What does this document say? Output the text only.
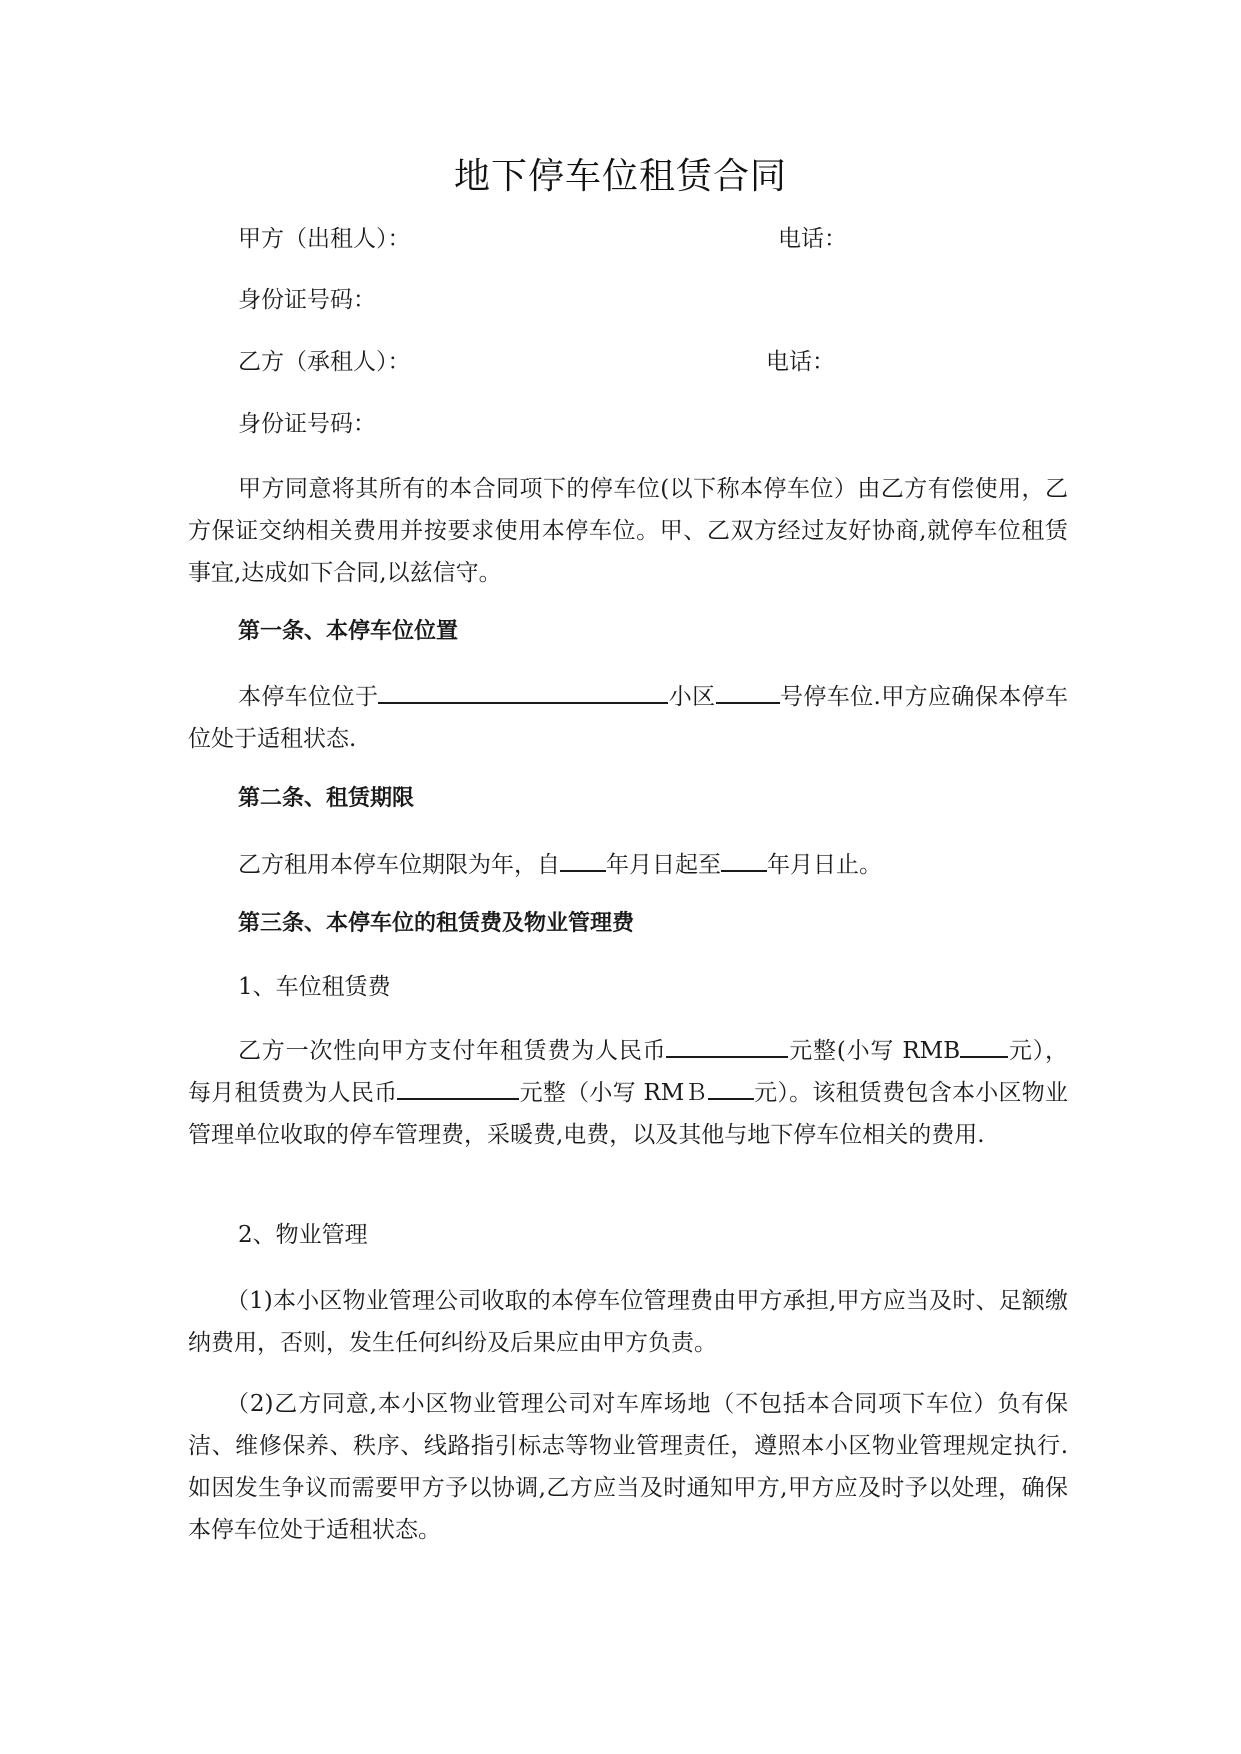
地下停车位租赁合同
甲方（出租人）：	电话：
身份证号码：
乙方（承租人）：	电话：
身份证号码：
甲方同意将其所有的本合同项下的停车位(以下称本停车位）由乙方有偿使用，乙方保证交纳相关费用并按要求使用本停车位。甲、乙双方经过友好协商,就停车位租赁事宜,达成如下合同,以兹信守。
第一条、本停车位位置
本停车位位于	小区	号停车位.甲方应确保本停车位处于适租状态.
第二条、租赁期限
乙方租用本停车位期限为年，自 年月日起至 年月日止。
第三条、本停车位的租赁费及物业管理费
1、车位租赁费
乙方一次性向甲方支付年租赁费为人民币	元整(小写 RMB 元），每月租赁费为人民币	元整（小写 RMＢ 元）。该租赁费包含本小区物业管理单位收取的停车管理费，采暖费,电费，以及其他与地下停车位相关的费用.
2、物业管理
（1)本小区物业管理公司收取的本停车位管理费由甲方承担,甲方应当及时、足额缴纳费用，否则，发生任何纠纷及后果应由甲方负责。
（2)乙方同意,本小区物业管理公司对车库场地（不包括本合同项下车位）负有保洁、维修保养、秩序、线路指引标志等物业管理责任，遵照本小区物业管理规定执行.如因发生争议而需要甲方予以协调,乙方应当及时通知甲方,甲方应及时予以处理，确保本停车位处于适租状态。
